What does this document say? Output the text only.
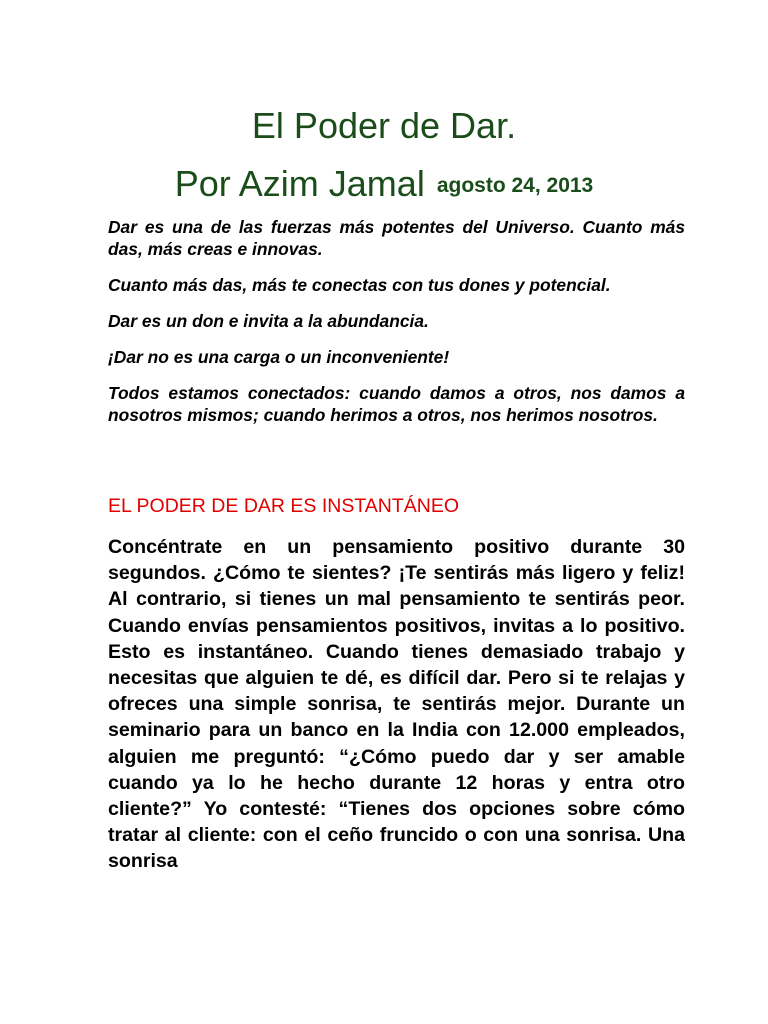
El Poder de Dar.
Por Azim Jamal agosto 24, 2013

Dar es una de las fuerzas más potentes del Universo. Cuanto más das, más creas e innovas.

Cuanto más das, más te conectas con tus dones y potencial.

Dar es un don e invita a la abundancia.

¡Dar no es una carga o un inconveniente!

Todos estamos conectados: cuando damos a otros, nos damos a nosotros mismos; cuando herimos a otros, nos herimos nosotros.

EL PODER DE DAR ES INSTANTÁNEO

Concéntrate en un pensamiento positivo durante 30 segundos. ¿Cómo te sientes? ¡Te sentirás más ligero y feliz! Al contrario, si tienes un mal pensamiento te sentirás peor. Cuando envías pensamientos positivos, invitas a lo positivo. Esto es instantáneo. Cuando tienes demasiado trabajo y necesitas que alguien te dé, es difícil dar. Pero si te relajas y ofreces una simple sonrisa, te sentirás mejor. Durante un seminario para un banco en la India con 12.000 empleados, alguien me preguntó: “¿Cómo puedo dar y ser amable cuando ya lo he hecho durante 12 horas y entra otro cliente?” Yo contesté: “Tienes dos opciones sobre cómo tratar al cliente: con el ceño fruncido o con una sonrisa. Una sonrisa
